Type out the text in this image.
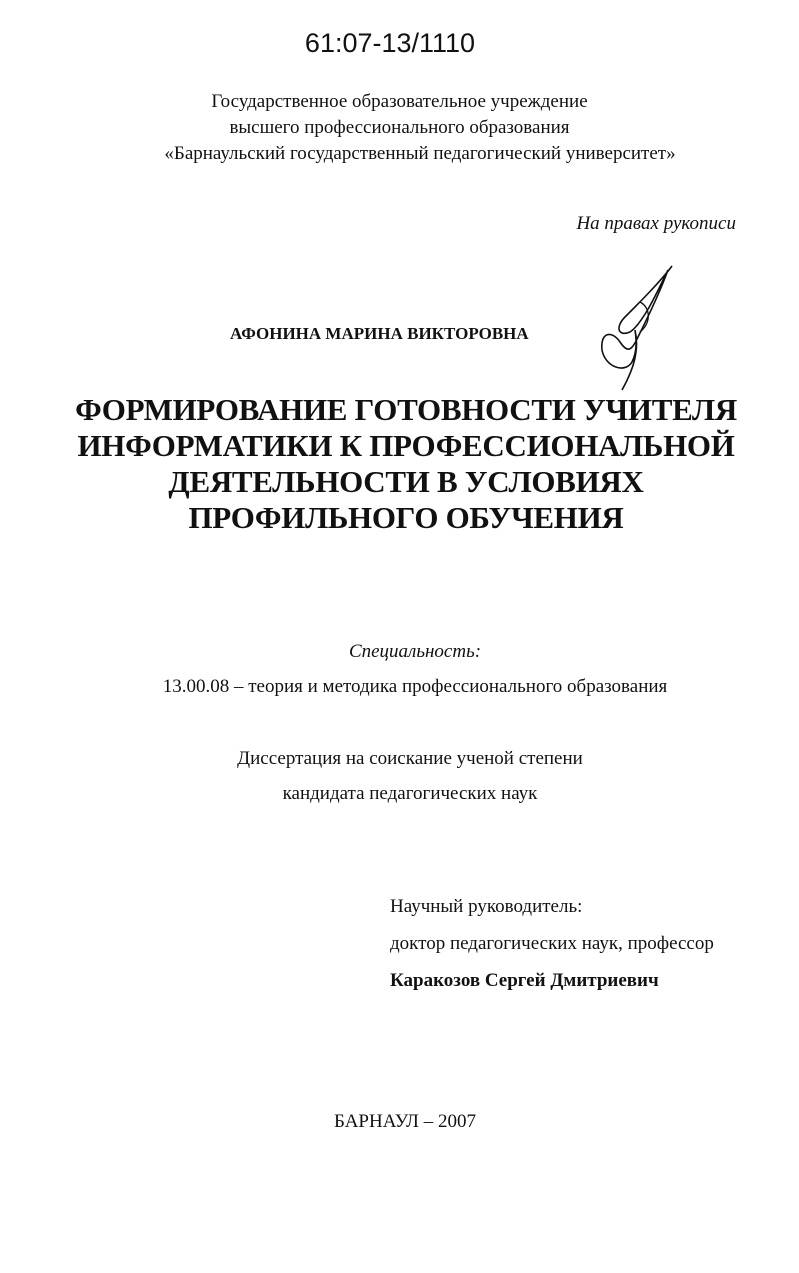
61:07-13/1110
Государственное образовательное учреждение
высшего профессионального образования
«Барнаульский государственный педагогический университет»
На правах рукописи
АФОНИНА МАРИНА ВИКТОРОВНА
ФОРМИРОВАНИЕ ГОТОВНОСТИ УЧИТЕЛЯ
ИНФОРМАТИКИ К ПРОФЕССИОНАЛЬНОЙ
ДЕЯТЕЛЬНОСТИ В УСЛОВИЯХ
ПРОФИЛЬНОГО ОБУЧЕНИЯ
Специальность:
13.00.08 – теория и методика профессионального образования
Диссертация на соискание ученой степени
кандидата педагогических наук
Научный руководитель:
доктор педагогических наук, профессор
Каракозов Сергей Дмитриевич
БАРНАУЛ – 2007
